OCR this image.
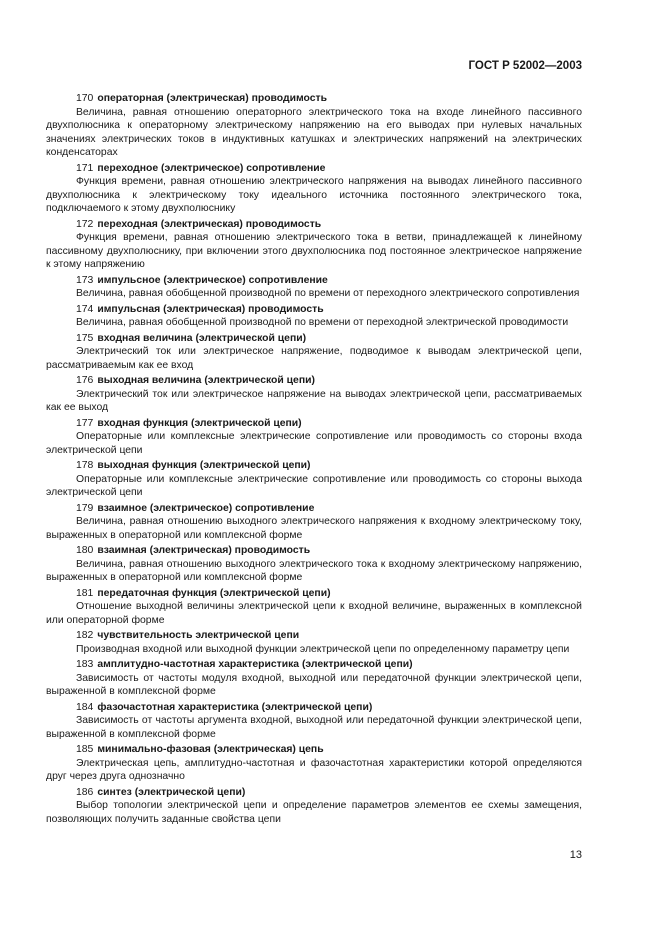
ГОСТ Р 52002—2003
170 операторная (электрическая) проводимость
Величина, равная отношению операторного электрического тока на входе линейного пассивного двухполюсника к операторному электрическому напряжению на его выводах при нулевых начальных значениях электрических токов в индуктивных катушках и электрических напряжений на электрических конденсаторах
171 переходное (электрическое) сопротивление
Функция времени, равная отношению электрического напряжения на выводах линейного пассивного двухполюсника к электрическому току идеального источника постоянного электрического тока, подключаемого к этому двухполюснику
172 переходная (электрическая) проводимость
Функция времени, равная отношению электрического тока в ветви, принадлежащей к линейному пассивному двухполюснику, при включении этого двухполюсника под постоянное электрическое напряжение к этому напряжению
173 импульсное (электрическое) сопротивление
Величина, равная обобщенной производной по времени от переходного электрического сопротивления
174 импульсная (электрическая) проводимость
Величина, равная обобщенной производной по времени от переходной электрической проводимости
175 входная величина (электрической цепи)
Электрический ток или электрическое напряжение, подводимое к выводам электрической цепи, рассматриваемым как ее вход
176 выходная величина (электрической цепи)
Электрический ток или электрическое напряжение на выводах электрической цепи, рассматриваемых как ее выход
177 входная функция (электрической цепи)
Операторные или комплексные электрические сопротивление или проводимость со стороны входа электрической цепи
178 выходная функция (электрической цепи)
Операторные или комплексные электрические сопротивление или проводимость со стороны выхода электрической цепи
179 взаимное (электрическое) сопротивление
Величина, равная отношению выходного электрического напряжения к входному электрическому току, выраженных в операторной или комплексной форме
180 взаимная (электрическая) проводимость
Величина, равная отношению выходного электрического тока к входному электрическому напряжению, выраженных в операторной или комплексной форме
181 передаточная функция (электрической цепи)
Отношение выходной величины электрической цепи к входной величине, выраженных в комплексной или операторной форме
182 чувствительность электрической цепи
Производная входной или выходной функции электрической цепи по определенному параметру цепи
183 амплитудно-частотная характеристика (электрической цепи)
Зависимость от частоты модуля входной, выходной или передаточной функции электрической цепи, выраженной в комплексной форме
184 фазочастотная характеристика (электрической цепи)
Зависимость от частоты аргумента входной, выходной или передаточной функции электрической цепи, выраженной в комплексной форме
185 минимально-фазовая (электрическая) цепь
Электрическая цепь, амплитудно-частотная и фазочастотная характеристики которой определяются друг через друга однозначно
186 синтез (электрической цепи)
Выбор топологии электрической цепи и определение параметров элементов ее схемы замещения, позволяющих получить заданные свойства цепи
13
